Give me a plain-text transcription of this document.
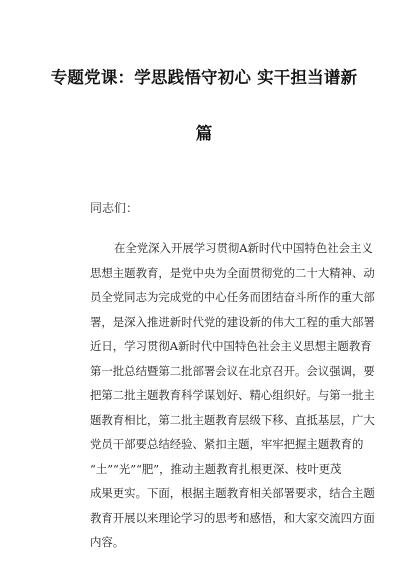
专题党课：学思践悟守初心 实干担当谱新
篇
同志们：
在全党深入开展学习贯彻A新时代中国特色社会主义
思想主题教育，是党中央为全面贯彻党的二十大精神、动
员全党同志为完成党的中心任务而团结奋斗所作的重大部
署，是深入推进新时代党的建设新的伟大工程的重大部署
近日，学习贯彻A新时代中国特色社会主义思想主题教育
第一批总结暨第二批部署会议在北京召开。会议强调，要
把第二批主题教育科学谋划好、精心组织好。与第一批主
题教育相比，第二批主题教育层级下移、直抵基层，广大
党员干部要总结经验、紧扣主题，牢牢把握主题教育的
“土”“光”“肥”，推动主题教育扎根更深、枝叶更茂
成果更实。下面，根据主题教育相关部署要求，结合主题
教育开展以来理论学习的思考和感悟，和大家交流四方面
内容。
